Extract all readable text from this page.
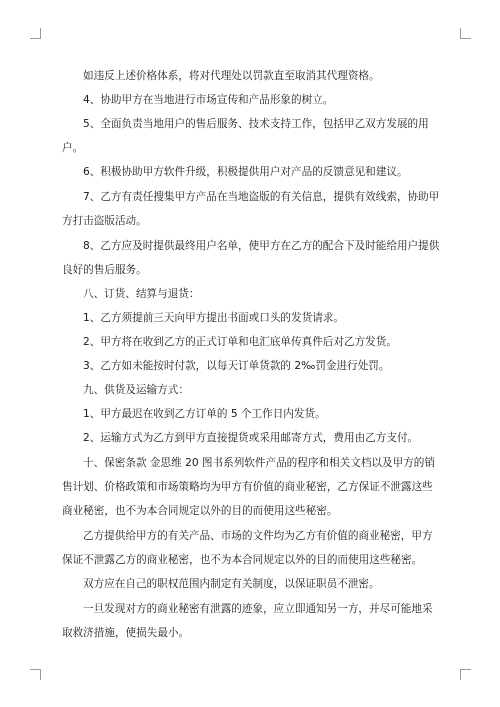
如违反上述价格体系，将对代理处以罚款直至取消其代理资格。

4、协助甲方在当地进行市场宣传和产品形象的树立。

5、全面负责当地用户的售后服务、技术支持工作，包括甲乙双方发展的用户。

6、积极协助甲方软件升级，积极提供用户对产品的反馈意见和建议。

7、乙方有责任搜集甲方产品在当地盗版的有关信息，提供有效线索，协助甲方打击盗版活动。

8、乙方应及时提供最终用户名单，使甲方在乙方的配合下及时能给用户提供良好的售后服务。

八、订货、结算与退货：

1、乙方须提前三天向甲方提出书面或口头的发货请求。

2、甲方将在收到乙方的正式订单和电汇底单传真件后对乙方发货。

3、乙方如未能按时付款，以每天订单货款的 2‰罚金进行处罚。

九、供货及运输方式：

1、甲方最迟在收到乙方订单的 5 个工作日内发货。

2、运输方式为乙方到甲方直接提货或采用邮寄方式，费用由乙方支付。

十、保密条款 金思维 20 图书系列软件产品的程序和相关文档以及甲方的销售计划、价格政策和市场策略均为甲方有价值的商业秘密，乙方保证不泄露这些商业秘密，也不为本合同规定以外的目的而使用这些秘密。

乙方提供给甲方的有关产品、市场的文件均为乙方有价值的商业秘密，甲方保证不泄露乙方的商业秘密，也不为本合同规定以外的目的而使用这些秘密。

双方应在自己的职权范围内制定有关制度，以保证职员不泄密。

一旦发现对方的商业秘密有泄露的迹象，应立即通知另一方，并尽可能地采取救济措施，使损失最小。
